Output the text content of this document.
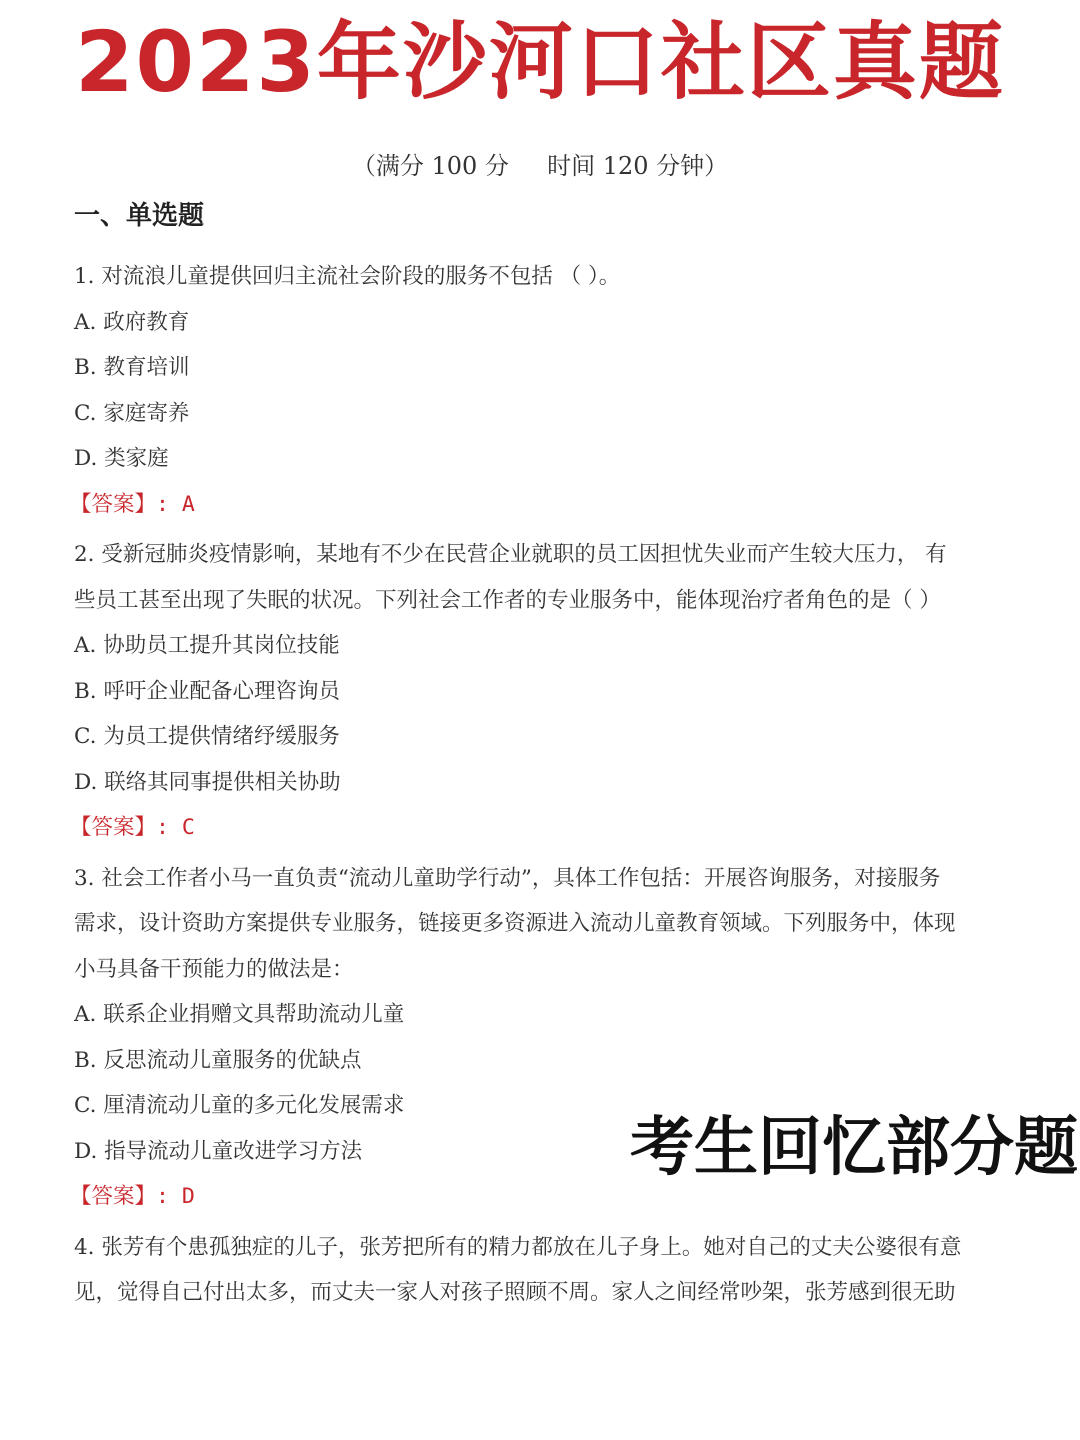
2023年沙河口社区真题
（满分 100 分     时间 120 分钟）
一、单选题
1. 对流浪儿童提供回归主流社会阶段的服务不包括 （ ）。
A. 政府教育
B. 教育培训
C. 家庭寄养
D. 类家庭
【答案】: A
2. 受新冠肺炎疫情影响，某地有不少在民营企业就职的员工因担忧失业而产生较大压力， 有
些员工甚至出现了失眠的状况。下列社会工作者的专业服务中，能体现治疗者角色的是（ ）
A. 协助员工提升其岗位技能
B. 呼吁企业配备心理咨询员
C. 为员工提供情绪纾缓服务
D. 联络其同事提供相关协助
【答案】: C
3. 社会工作者小马一直负责“流动儿童助学行动”，具体工作包括：开展咨询服务，对接服务
需求，设计资助方案提供专业服务，链接更多资源进入流动儿童教育领域。下列服务中，体现
小马具备干预能力的做法是：
A. 联系企业捐赠文具帮助流动儿童
B. 反思流动儿童服务的优缺点
C. 厘清流动儿童的多元化发展需求
D. 指导流动儿童改进学习方法
【答案】: D
4. 张芳有个患孤独症的儿子，张芳把所有的精力都放在儿子身上。她对自己的丈夫公婆很有意
见，觉得自己付出太多，而丈夫一家人对孩子照顾不周。家人之间经常吵架，张芳感到很无助
考生回忆部分题
